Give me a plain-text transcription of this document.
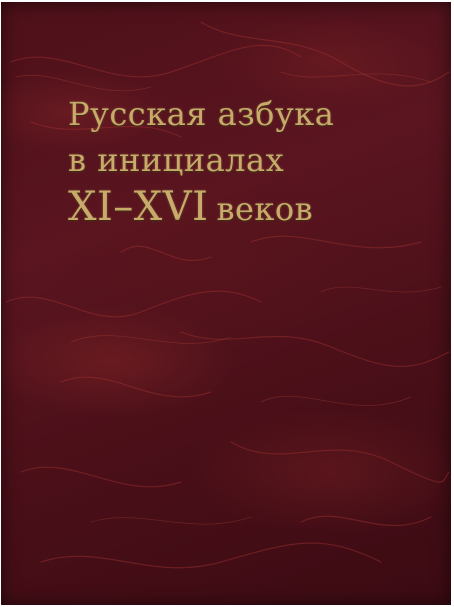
Русская азбука
в инициалах
XI–XVI веков
